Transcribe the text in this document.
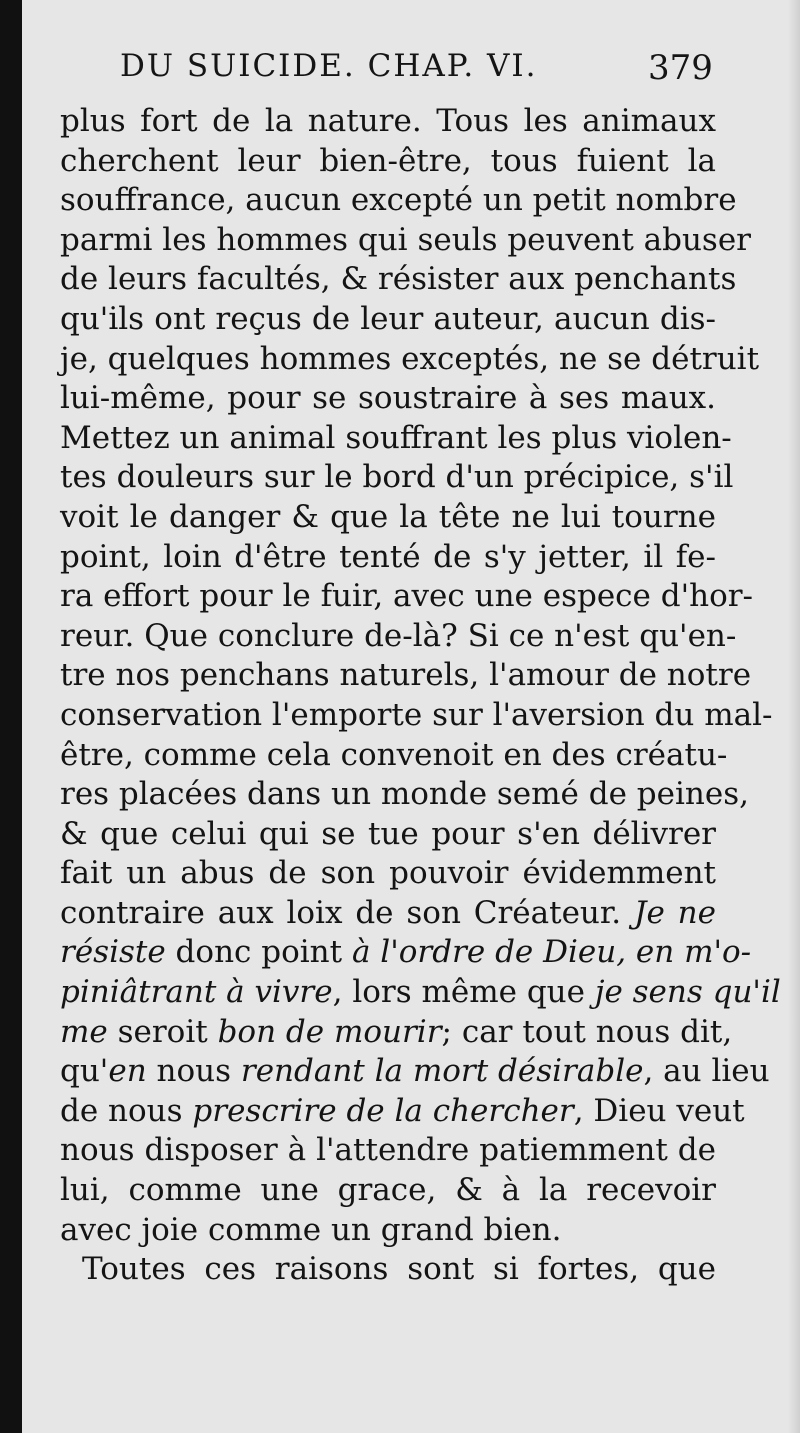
DU SUICIDE. CHAP. VI.	379
plus fort de la nature. Tous les animaux
cherchent leur bien-être, tous fuient la
souffrance, aucun excepté un petit nombre
parmi les hommes qui seuls peuvent abuser
de leurs facultés, & résister aux penchants
qu'ils ont reçus de leur auteur, aucun dis-
je, quelques hommes exceptés, ne se détruit
lui-même, pour se soustraire à ses maux.
Mettez un animal souffrant les plus violen-
tes douleurs sur le bord d'un précipice, s'il
voit le danger & que la tête ne lui tourne
point, loin d'être tenté de s'y jetter, il fe-
ra effort pour le fuir, avec une espece d'hor-
reur. Que conclure de-là? Si ce n'est qu'en-
tre nos penchans naturels, l'amour de notre
conservation l'emporte sur l'aversion du mal-
être, comme cela convenoit en des créatu-
res placées dans un monde semé de peines,
& que celui qui se tue pour s'en délivrer
fait un abus de son pouvoir évidemment
contraire aux loix de son Créateur. Je ne
résiste donc point à l'ordre de Dieu, en m'o-
piniâtrant à vivre, lors même que je sens qu'il
me seroit bon de mourir; car tout nous dit,
qu'en nous rendant la mort désirable, au lieu
de nous prescrire de la chercher, Dieu veut
nous disposer à l'attendre patiemment de
lui, comme une grace, & à la recevoir
avec joie comme un grand bien.
Toutes ces raisons sont si fortes, que
